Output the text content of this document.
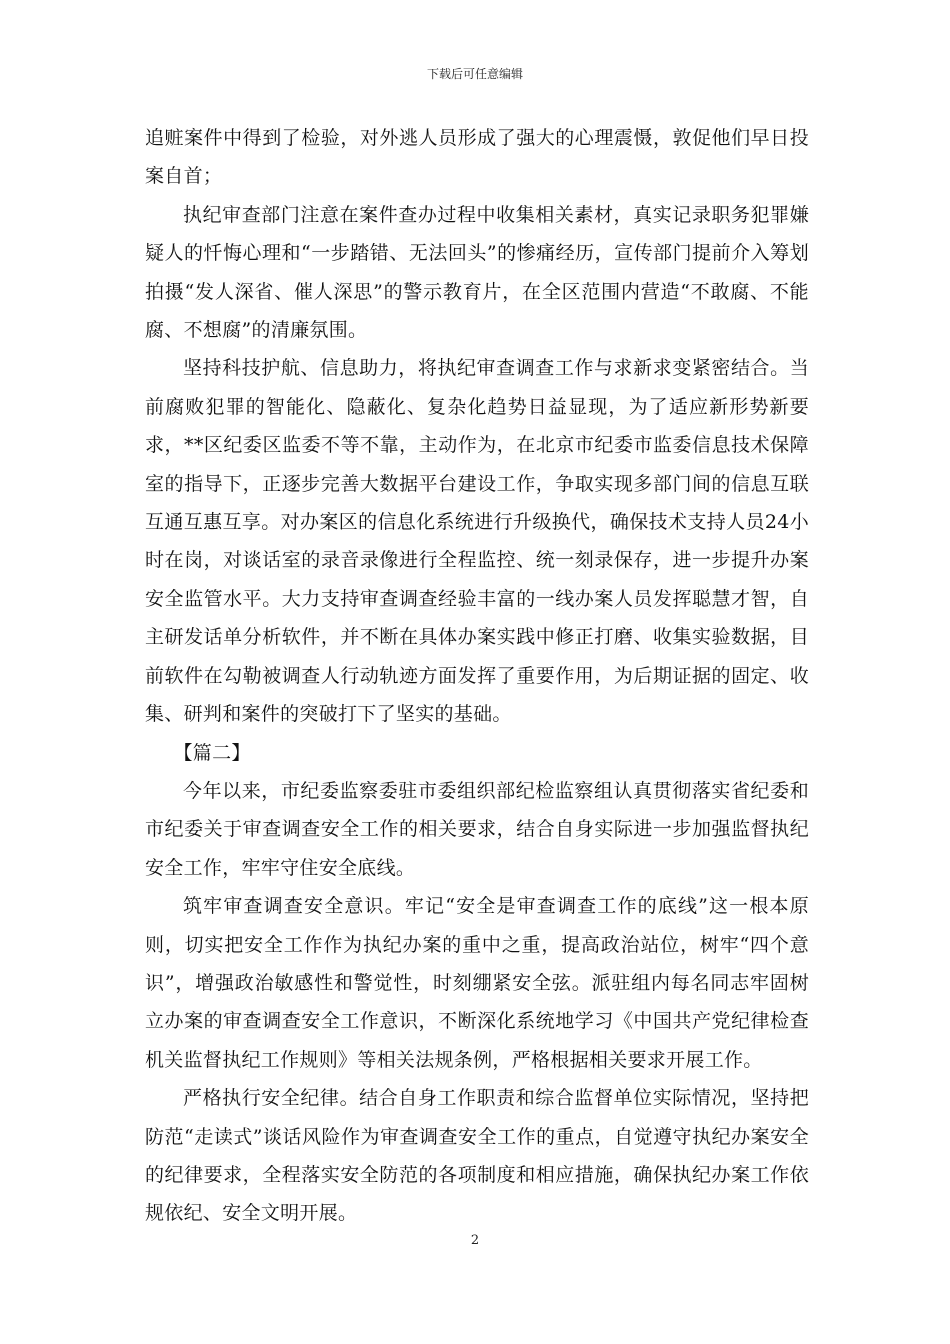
下载后可任意编辑

追赃案件中得到了检验，对外逃人员形成了强大的心理震慑，敦促他们早日投案自首；

执纪审查部门注意在案件查办过程中收集相关素材，真实记录职务犯罪嫌疑人的忏悔心理和“一步踏错、无法回头”的惨痛经历，宣传部门提前介入筹划拍摄“发人深省、催人深思”的警示教育片，在全区范围内营造“不敢腐、不能腐、不想腐”的清廉氛围。

坚持科技护航、信息助力，将执纪审查调查工作与求新求变紧密结合。当前腐败犯罪的智能化、隐蔽化、复杂化趋势日益显现，为了适应新形势新要求，**区纪委区监委不等不靠，主动作为，在北京市纪委市监委信息技术保障室的指导下，正逐步完善大数据平台建设工作，争取实现多部门间的信息互联互通互惠互享。对办案区的信息化系统进行升级换代，确保技术支持人员24小时在岗，对谈话室的录音录像进行全程监控、统一刻录保存，进一步提升办案安全监管水平。大力支持审查调查经验丰富的一线办案人员发挥聪慧才智，自主研发话单分析软件，并不断在具体办案实践中修正打磨、收集实验数据，目前软件在勾勒被调查人行动轨迹方面发挥了重要作用，为后期证据的固定、收集、研判和案件的突破打下了坚实的基础。

【篇二】

今年以来，市纪委监察委驻市委组织部纪检监察组认真贯彻落实省纪委和市纪委关于审查调查安全工作的相关要求，结合自身实际进一步加强监督执纪安全工作，牢牢守住安全底线。

筑牢审查调查安全意识。牢记“安全是审查调查工作的底线”这一根本原则，切实把安全工作作为执纪办案的重中之重，提高政治站位，树牢“四个意识”，增强政治敏感性和警觉性，时刻绷紧安全弦。派驻组内每名同志牢固树立办案的审查调查安全工作意识，不断深化系统地学习《中国共产党纪律检查机关监督执纪工作规则》等相关法规条例，严格根据相关要求开展工作。

严格执行安全纪律。结合自身工作职责和综合监督单位实际情况，坚持把防范“走读式”谈话风险作为审查调查安全工作的重点，自觉遵守执纪办案安全的纪律要求，全程落实安全防范的各项制度和相应措施，确保执纪办案工作依规依纪、安全文明开展。

2
